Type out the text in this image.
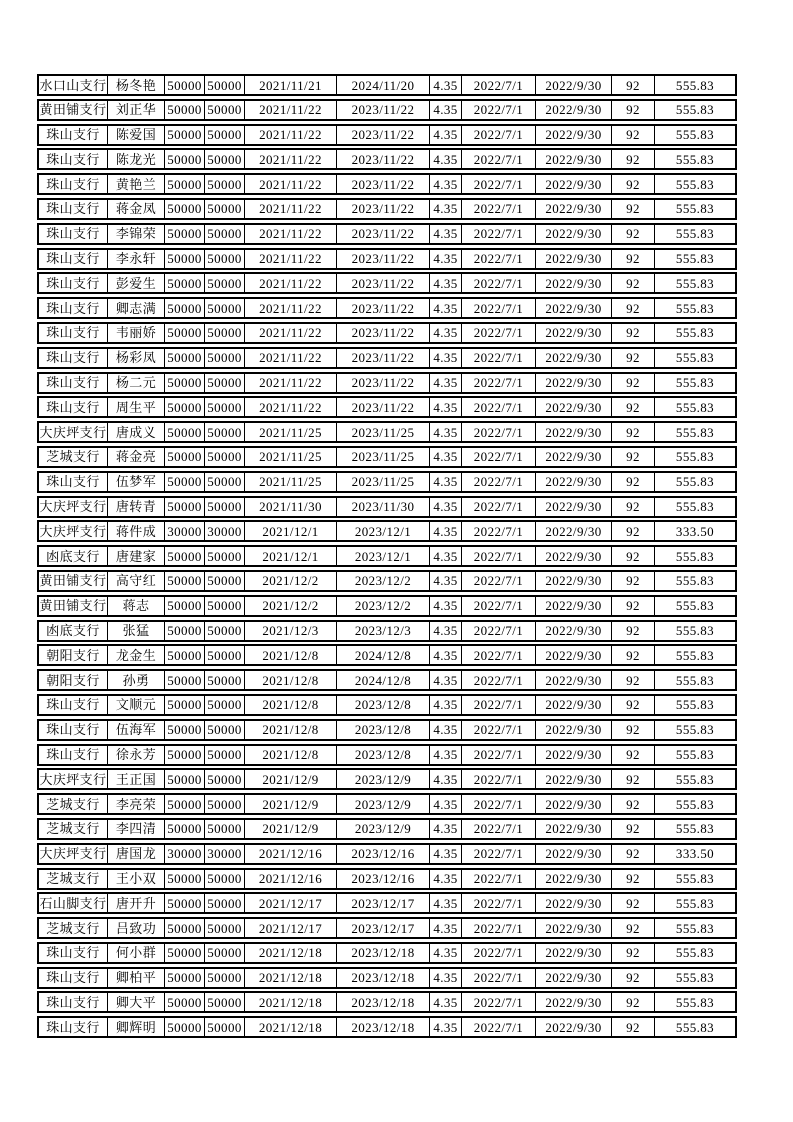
水口山支行 杨冬艳 50000 50000	2021/11/21	2024/11/20	4.35	2022/7/1	2022/9/30	92	555.83
黄田铺支行 刘正华 50000 50000	2021/11/22	2023/11/22	4.35	2022/7/1	2022/9/30	92	555.83
珠山支行	陈爱国 50000 50000	2021/11/22	2023/11/22	4.35	2022/7/1	2022/9/30	92	555.83
珠山支行	陈龙光 50000 50000	2021/11/22	2023/11/22	4.35	2022/7/1	2022/9/30	92	555.83
珠山支行	黄艳兰 50000 50000	2021/11/22	2023/11/22	4.35	2022/7/1	2022/9/30	92	555.83
珠山支行	蒋金凤 50000 50000	2021/11/22	2023/11/22	4.35	2022/7/1	2022/9/30	92	555.83
珠山支行	李锦荣 50000 50000	2021/11/22	2023/11/22	4.35	2022/7/1	2022/9/30	92	555.83
珠山支行	李永轩 50000 50000	2021/11/22	2023/11/22	4.35	2022/7/1	2022/9/30	92	555.83
珠山支行	彭爱生 50000 50000	2021/11/22	2023/11/22	4.35	2022/7/1	2022/9/30	92	555.83
珠山支行	卿志满 50000 50000	2021/11/22	2023/11/22	4.35	2022/7/1	2022/9/30	92	555.83
珠山支行	韦丽娇 50000 50000	2021/11/22	2023/11/22	4.35	2022/7/1	2022/9/30	92	555.83
珠山支行	杨彩凤 50000 50000	2021/11/22	2023/11/22	4.35	2022/7/1	2022/9/30	92	555.83
珠山支行	杨二元 50000 50000	2021/11/22	2023/11/22	4.35	2022/7/1	2022/9/30	92	555.83
珠山支行	周生平 50000 50000	2021/11/22	2023/11/22	4.35	2022/7/1	2022/9/30	92	555.83
大庆坪支行 唐成义 50000 50000	2021/11/25	2023/11/25	4.35	2022/7/1	2022/9/30	92	555.83
芝城支行	蒋金亮 50000 50000	2021/11/25	2023/11/25	4.35	2022/7/1	2022/9/30	92	555.83
珠山支行	伍梦军 50000 50000	2021/11/25	2023/11/25	4.35	2022/7/1	2022/9/30	92	555.83
大庆坪支行 唐转青 50000 50000	2021/11/30	2023/11/30	4.35	2022/7/1	2022/9/30	92	555.83
大庆坪支行 蒋件成 30000 30000	2021/12/1	2023/12/1	4.35	2022/7/1	2022/9/30	92	333.50
凼底支行	唐建家 50000 50000	2021/12/1	2023/12/1	4.35	2022/7/1	2022/9/30	92	555.83
黄田铺支行 高守红 50000 50000	2021/12/2	2023/12/2	4.35	2022/7/1	2022/9/30	92	555.83
黄田铺支行	蒋志	50000 50000	2021/12/2	2023/12/2	4.35	2022/7/1	2022/9/30	92	555.83
凼底支行	张猛	50000 50000	2021/12/3	2023/12/3	4.35	2022/7/1	2022/9/30	92	555.83
朝阳支行	龙金生 50000 50000	2021/12/8	2024/12/8	4.35	2022/7/1	2022/9/30	92	555.83
朝阳支行	孙勇	50000 50000	2021/12/8	2024/12/8	4.35	2022/7/1	2022/9/30	92	555.83
珠山支行	文顺元 50000 50000	2021/12/8	2023/12/8	4.35	2022/7/1	2022/9/30	92	555.83
珠山支行	伍海军 50000 50000	2021/12/8	2023/12/8	4.35	2022/7/1	2022/9/30	92	555.83
珠山支行	徐永芳 50000 50000	2021/12/8	2023/12/8	4.35	2022/7/1	2022/9/30	92	555.83
大庆坪支行 王正国 50000 50000	2021/12/9	2023/12/9	4.35	2022/7/1	2022/9/30	92	555.83
芝城支行	李亮荣 50000 50000	2021/12/9	2023/12/9	4.35	2022/7/1	2022/9/30	92	555.83
芝城支行	李四清 50000 50000	2021/12/9	2023/12/9	4.35	2022/7/1	2022/9/30	92	555.83
大庆坪支行 唐国龙 30000 30000	2021/12/16	2023/12/16	4.35	2022/7/1	2022/9/30	92	333.50
芝城支行	王小双 50000 50000	2021/12/16	2023/12/16	4.35	2022/7/1	2022/9/30	92	555.83
石山脚支行 唐开升 50000 50000	2021/12/17	2023/12/17	4.35	2022/7/1	2022/9/30	92	555.83
芝城支行	吕致功 50000 50000	2021/12/17	2023/12/17	4.35	2022/7/1	2022/9/30	92	555.83
珠山支行	何小群 50000 50000	2021/12/18	2023/12/18	4.35	2022/7/1	2022/9/30	92	555.83
珠山支行	卿柏平 50000 50000	2021/12/18	2023/12/18	4.35	2022/7/1	2022/9/30	92	555.83
珠山支行	卿大平 50000 50000	2021/12/18	2023/12/18	4.35	2022/7/1	2022/9/30	92	555.83
珠山支行	卿辉明 50000 50000	2021/12/18	2023/12/18	4.35	2022/7/1	2022/9/30	92	555.83
